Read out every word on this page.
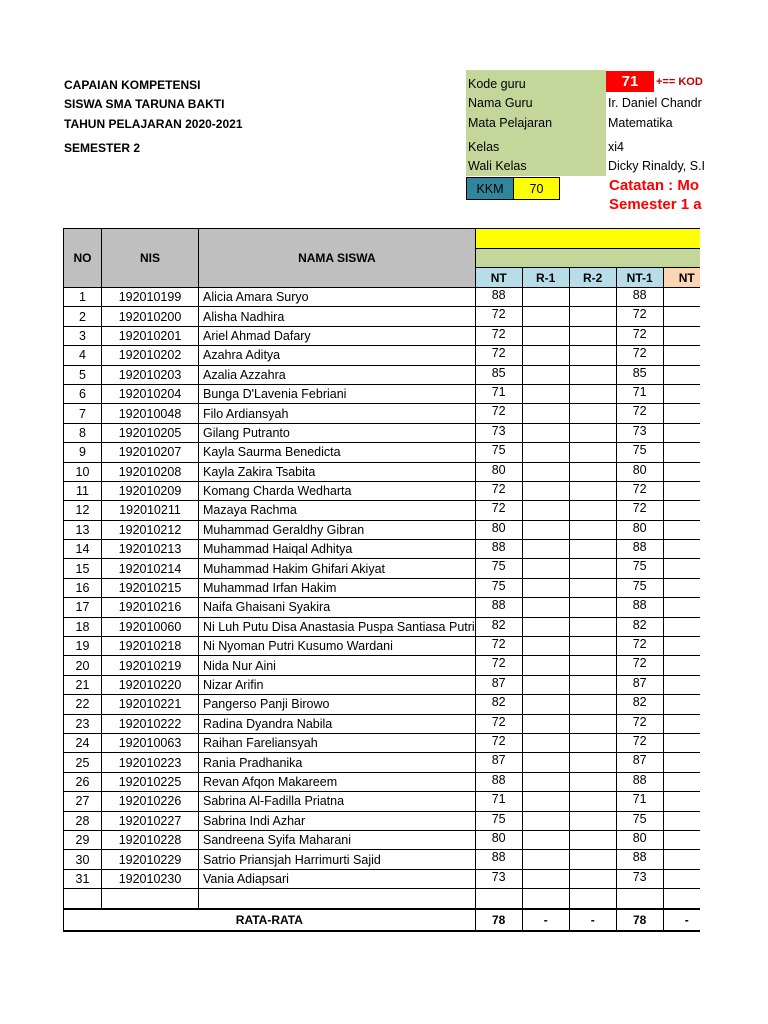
CAPAIAN KOMPETENSI
SISWA SMA TARUNA BAKTI
TAHUN PELAJARAN 2020-2021
SEMESTER 2
Kode guru	71	+== KOD
Nama Guru	Ir. Daniel Chandr
Mata Pelajaran	Matematika
Kelas	xi4
Wali Kelas	Dicky Rinaldy, S.I
KKM	70	Catatan : Mo
Semester 1 a
NO	NIS	NAMA SISWA					

			NT	R-1	R-2	NT-1	NT
1	192010199	Alicia Amara Suryo	88			88	
2	192010200	Alisha Nadhira	72			72	
3	192010201	Ariel Ahmad Dafary	72			72	
4	192010202	Azahra Aditya	72			72	
5	192010203	Azalia Azzahra	85			85	
6	192010204	Bunga D'Lavenia Febriani	71			71	
7	192010048	Filo Ardiansyah	72			72	
8	192010205	Gilang Putranto	73			73	
9	192010207	Kayla Saurma Benedicta	75			75	
10	192010208	Kayla Zakira Tsabita	80			80	
11	192010209	Komang Charda Wedharta	72			72	
12	192010211	Mazaya Rachma	72			72	
13	192010212	Muhammad Geraldhy Gibran	80			80	
14	192010213	Muhammad Haiqal Adhitya	88			88	
15	192010214	Muhammad Hakim Ghifari Akiyat	75			75	
16	192010215	Muhammad Irfan Hakim	75			75	
17	192010216	Naifa Ghaisani Syakira	88			88	
18	192010060	Ni Luh Putu Disa Anastasia Puspa Santiasa Putri	82			82	
19	192010218	Ni Nyoman Putri Kusumo Wardani	72			72	
20	192010219	Nida Nur Aini	72			72	
21	192010220	Nizar Arifin	87			87	
22	192010221	Pangerso Panji Birowo	82			82	
23	192010222	Radina Dyandra Nabila	72			72	
24	192010063	Raihan Fareliansyah	72			72	
25	192010223	Rania Pradhanika	87			87	
26	192010225	Revan Afqon Makareem	88			88	
27	192010226	Sabrina Al-Fadilla Priatna	71			71	
28	192010227	Sabrina Indi Azhar	75			75	
29	192010228	Sandreena Syifa Maharani	80			80	
30	192010229	Satrio Priansjah Harrimurti Sajid	88			88	
31	192010230	Vania Adiapsari	73			73	

RATA-RATA			78	-	-	78	-
